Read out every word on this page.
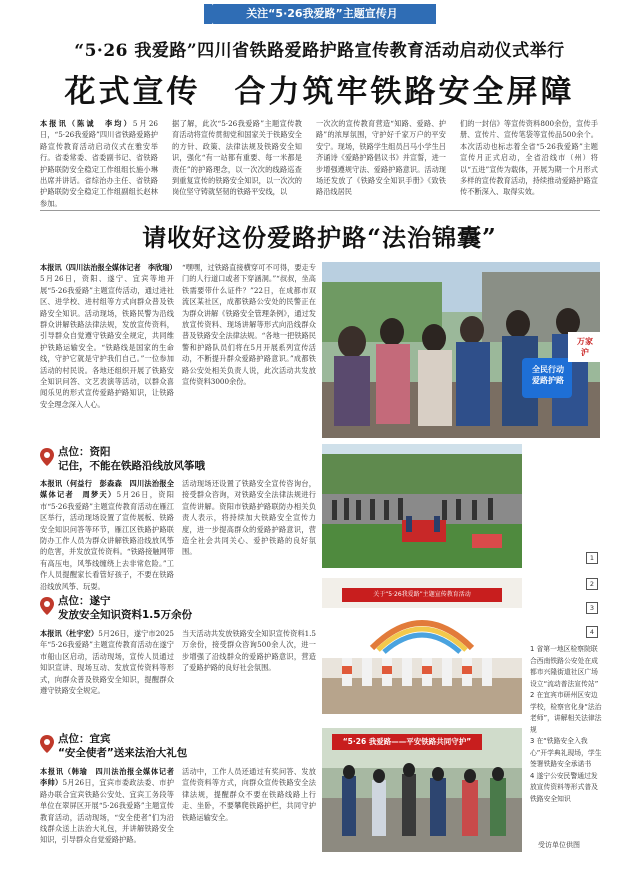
关注“5·26我爱路”主题宣传月
“5·26 我爱路”四川省铁路爱路护路宣传教育活动启动仪式举行
花式宣传　合力筑牢铁路安全屏障
本报讯（陈诚　李均）5月26日，“5·26我爱路”四川省铁路爱路护路宣传教育活动启动仪式在雅安举行。省委常委、省委副书记、省铁路护路联防安全稳定工作组组长施小琳出席并讲话。省综治办主任、省铁路护路联防安全稳定工作组副组长赵林参加。
据了解，此次“5·26我爱路”主题宣传教育活动将宣传贯彻党和国家关于铁路安全的方针、政策、法律法规及铁路安全知识，强化“有一站都有重要、每一米都是责任”的护路理念，以一次次的线路巡查到重复宣传的铁路安全知识，以一次次的岗位坚守铸就坚韧的铁路平安线，以
一次次的宣传教育营造“知路、爱路、护路”的浓厚氛围，守护好千家万户的平安安宁。现场，铁路学生组员吕马小学生吕齐诵诗《爱路护路倡议书》并宣誓，进一步增强遵规守法、爱路护路意识。活动现场还发放了《铁路安全知识手册》《致铁路沿线居民
们的一封信》等宣传资料800余份，宣传手册、宣传片、宣传笔袋等宣传品500余个。本次活动也标志着全省“5·26我爱路”主题宣传月正式启动，全省沿线市（州）将以“五进”宣传为载体，开展为期一个月形式多样的宣传教育活动，持续推动爱路护路宣传不断深入、取得实效。
请收好这份爱路护路“法治锦囊”
本报讯（四川法治报全媒体记者　李欣瑞）5月26日，资阳、遂宁、宜宾等地开展“5·26我爱路”主题宣传活动，通过进社区、进学校、进村组等方式向群众普及铁路安全知识。活动现场，铁路民警为沿线群众讲解铁路法律法规，发放宣传资料，引导群众自觉遵守铁路安全规定，共同维护铁路运输安全。“铁路线是国家的生命线，守护它就是守护我们自己。”一位参加活动的村民说。各地还组织开展了铁路安全知识问答、文艺表演等活动，以群众喜闻乐见的形式宣传爱路护路知识，让铁路安全理念深入人心。
“嘿嘿，过铁路直接横穿可不可得，要走专门的人行道口或者下穿涵洞。”“叔叔，坐高铁需要带什么证件？”22日，在成都市双流区某社区，成都铁路公安处的民警正在为群众讲解《铁路安全管理条例》，通过发放宣传资料、现场讲解等形式向沿线群众普及铁路安全法律法规。“各地一把铁路民警和护路队员们将在5月开展系列宣传活动，不断提升群众爱路护路意识。”成都铁路公安处相关负责人说，此次活动共发放宣传资料3000余份。
点位：资阳
记住，不能在铁路沿线放风筝哦
本报讯（何益行　彭森森　四川法治报全媒体记者　周梦天）5月26日，资阳市“5·26我爱路”主题宣传教育活动在雁江区举行，活动现场设置了宣传展板、铁路安全知识问答等环节，雁江区铁路护路联防办工作人员为群众讲解铁路沿线放风筝的危害，并发放宣传资料。“铁路接触网带有高压电，风筝线缠绕上去非常危险。”工作人员提醒家长看管好孩子，不要在铁路沿线放风筝、玩耍。
活动现场还设置了铁路安全宣传咨询台，接受群众咨询，对铁路安全法律法规进行宣传讲解。资阳市铁路护路联防办相关负责人表示，将持续加大铁路安全宣传力度，进一步提高群众的爱路护路意识，营造全社会共同关心、爱护铁路的良好氛围。
点位：遂宁
发放安全知识资料1.5万余份
本报讯（杜宇宏）5月26日，遂宁市2025年“5·26我爱路”主题宣传教育活动在遂宁市船山区启动，活动现场，宣传人员通过知识宣讲、现场互动、发放宣传资料等形式，向群众普及铁路安全知识，提醒群众遵守铁路安全规定。
当天活动共发放铁路安全知识宣传资料1.5万余份，接受群众咨询500余人次，进一步增强了沿线群众的爱路护路意识，营造了爱路护路的良好社会氛围。
点位：宜宾
“安全使者”送来法治大礼包
本报讯（韩瑜　四川法治报全媒体记者　李帅）5月26日，宜宾市委政法委、市护路办联合宜宾铁路公安处、宜宾工务段等单位在翠屏区开展“5·26我爱路”主题宣传教育活动，活动现场，“安全使者”们为沿线群众送上法治大礼包，并讲解铁路安全知识，引导群众自觉爱路护路。
活动中，工作人员还通过有奖问答、发放宣传资料等方式，向群众宣传铁路安全法律法规，提醒群众不要在铁路线路上行走、坐卧，不要攀爬铁路护栏，共同守护铁路运输安全。
全民行动
爱路护路
万家
沪
关于“5·26我爱路”主题宣传教育活动
“5·26 我爱路——平安铁路共同守护”
1
2
3
4
1 省第一地区检察院联合西南铁路公安处在成都市兴隆街道社区广场设立“流动普法宣传站”
2 在宜宾市研州区安边学校，检察官化身“法治老师”，讲解相关法律法规
3 在“铁路安全入我心”开学典礼现场，学生签署铁路安全承诺书
4 遂宁公安民警通过发放宣传资料等形式普及铁路安全知识
受访单位供图
